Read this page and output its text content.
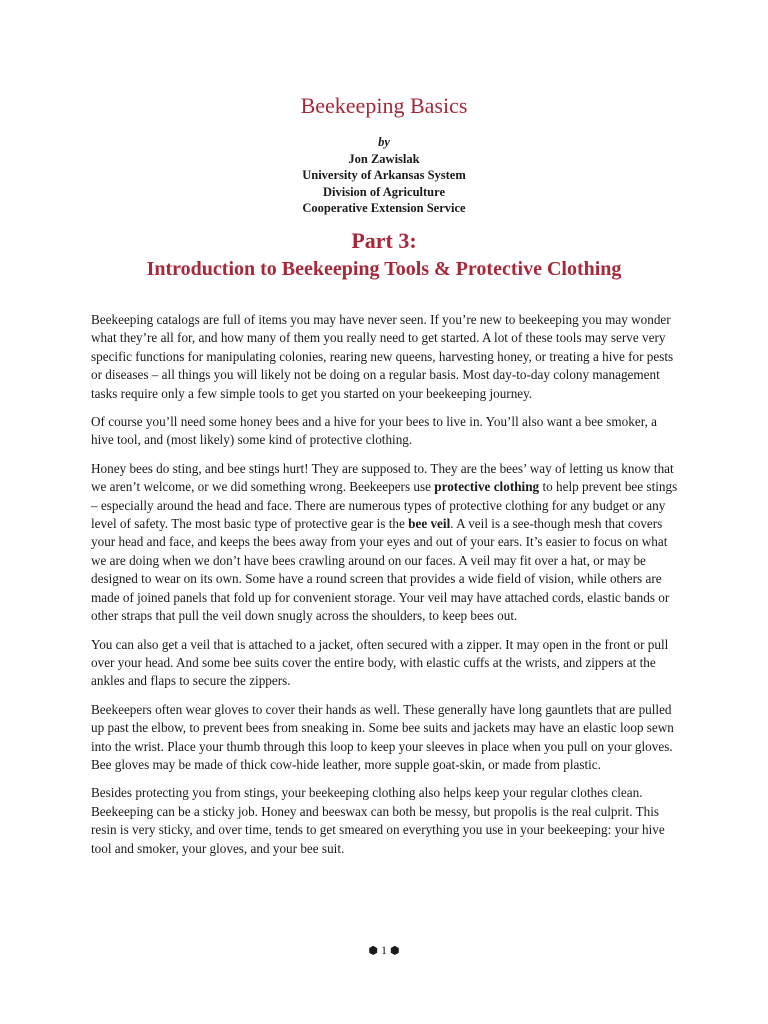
Beekeeping Basics
by
Jon Zawislak
University of Arkansas System
Division of Agriculture
Cooperative Extension Service
Part 3:
Introduction to Beekeeping Tools & Protective Clothing

Beekeeping catalogs are full of items you may have never seen. If you’re new to beekeeping you may wonder what they’re all for, and how many of them you really need to get started. A lot of these tools may serve very specific functions for manipulating colonies, rearing new queens, harvesting honey, or treating a hive for pests or diseases – all things you will likely not be doing on a regular basis. Most day-to-day colony management tasks require only a few simple tools to get you started on your beekeeping journey.

Of course you’ll need some honey bees and a hive for your bees to live in. You’ll also want a bee smoker, a hive tool, and (most likely) some kind of protective clothing.

Honey bees do sting, and bee stings hurt! They are supposed to. They are the bees’ way of letting us know that we aren’t welcome, or we did something wrong. Beekeepers use protective clothing to help prevent bee stings – especially around the head and face. There are numerous types of protective clothing for any budget or any level of safety. The most basic type of protective gear is the bee veil. A veil is a see-though mesh that covers your head and face, and keeps the bees away from your eyes and out of your ears. It’s easier to focus on what we are doing when we don’t have bees crawling around on our faces. A veil may fit over a hat, or may be designed to wear on its own. Some have a round screen that provides a wide field of vision, while others are made of joined panels that fold up for convenient storage. Your veil may have attached cords, elastic bands or other straps that pull the veil down snugly across the shoulders, to keep bees out.

You can also get a veil that is attached to a jacket, often secured with a zipper. It may open in the front or pull over your head. And some bee suits cover the entire body, with elastic cuffs at the wrists, and zippers at the ankles and flaps to secure the zippers.

Beekeepers often wear gloves to cover their hands as well. These generally have long gauntlets that are pulled up past the elbow, to prevent bees from sneaking in. Some bee suits and jackets may have an elastic loop sewn into the wrist. Place your thumb through this loop to keep your sleeves in place when you pull on your gloves. Bee gloves may be made of thick cow-hide leather, more supple goat-skin, or made from plastic.

Besides protecting you from stings, your beekeeping clothing also helps keep your regular clothes clean. Beekeeping can be a sticky job. Honey and beeswax can both be messy, but propolis is the real culprit. This resin is very sticky, and over time, tends to get smeared on everything you use in your beekeeping: your hive tool and smoker, your gloves, and your bee suit.

⬢ 1 ⬢
